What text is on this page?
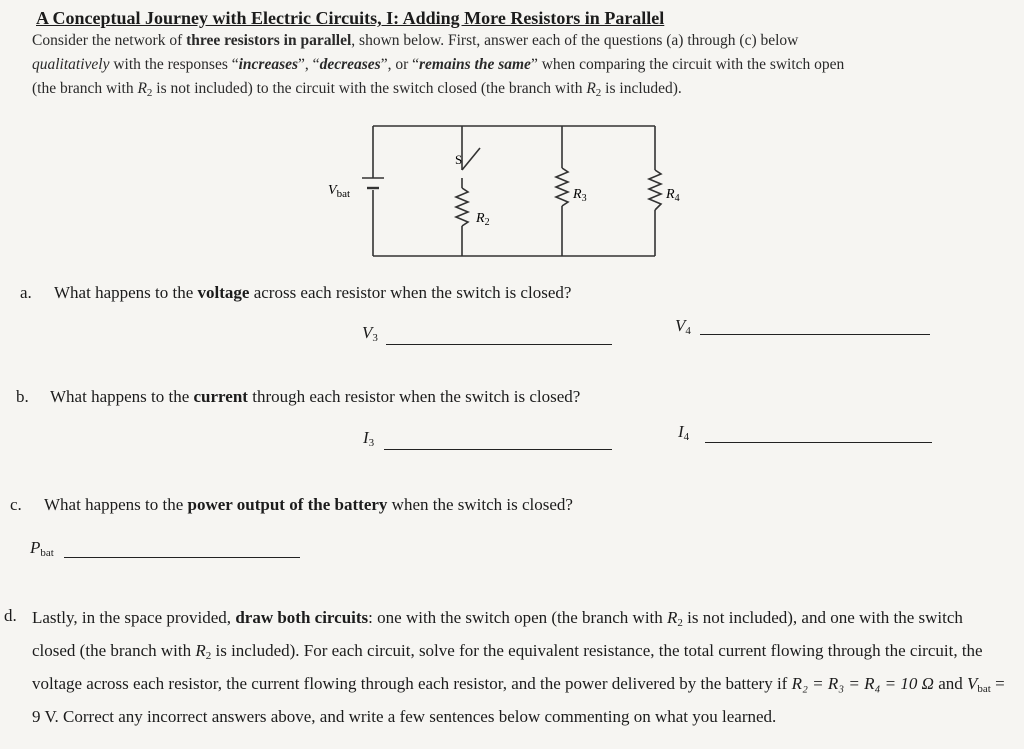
A Conceptual Journey with Electric Circuits, I: Adding More Resistors in Parallel
Consider the network of three resistors in parallel, shown below. First, answer each of the questions (a) through (c) below
qualitatively with the responses “increases”, “decreases”, or “remains the same” when comparing the circuit with the switch open
(the branch with $R_2$ is not included) to the circuit with the switch closed (the branch with $R_2$ is included).
$V_{bat}$
S
$R_2$
$R_3$	$R_4$
a. What happens to the voltage across each resistor when the switch is closed?
$V_3$
$V_4$
b. What happens to the current through each resistor when the switch is closed?
$I_3$
$I_4$
c. What happens to the power output of the battery when the switch is closed?
$P_{bat}$
d. Lastly, in the space provided, draw both circuits: one with the switch open (the branch with $R_2$ is not included), and one with the switch closed (the branch with $R_2$ is included). For each circuit, solve for the equivalent resistance, the total current flowing through the circuit, the voltage across each resistor, the current flowing through each resistor, and the power delivered by the battery if R₂ = R₃ = R₄ = 10 Ω and $V_{bat} = 9$ V. Correct any incorrect answers above, and write a few sentences below commenting on what you learned.
